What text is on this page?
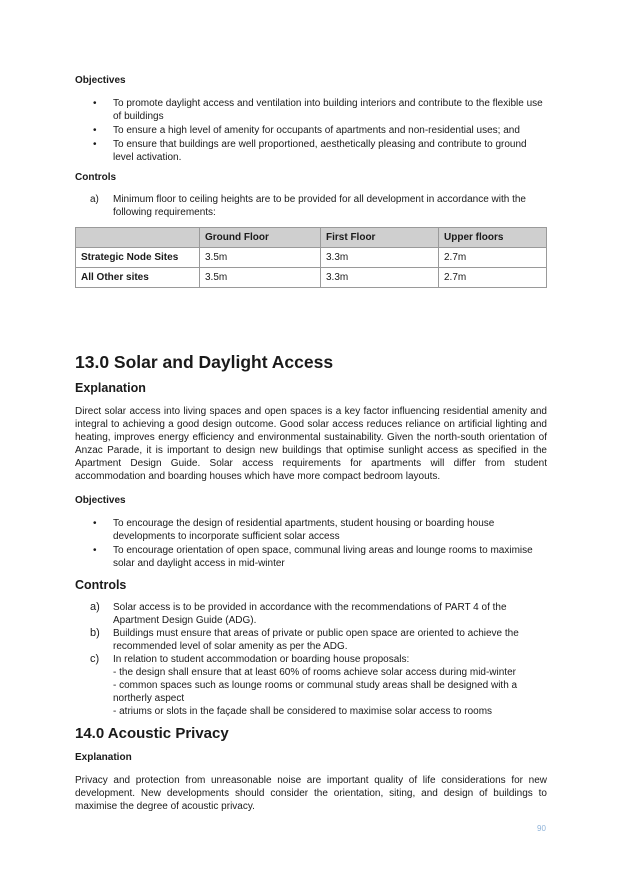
Objectives
• To promote daylight access and ventilation into building interiors and contribute to the flexible use of buildings
• To ensure a high level of amenity for occupants of apartments and non-residential uses; and
• To ensure that buildings are well proportioned, aesthetically pleasing and contribute to ground level activation.
Controls
a) Minimum floor to ceiling heights are to be provided for all development in accordance with the following requirements:
	Ground Floor	First Floor	Upper floors
Strategic Node Sites	3.5m	3.3m	2.7m
All Other sites	3.5m	3.3m	2.7m
13.0 Solar and Daylight Access
Explanation
Direct solar access into living spaces and open spaces is a key factor influencing residential amenity and integral to achieving a good design outcome. Good solar access reduces reliance on artificial lighting and heating, improves energy efficiency and environmental sustainability. Given the north-south orientation of Anzac Parade, it is important to design new buildings that optimise sunlight access as specified in the Apartment Design Guide. Solar access requirements for apartments will differ from student accommodation and boarding houses which have more compact bedroom layouts.
Objectives
• To encourage the design of residential apartments, student housing or boarding house developments to incorporate sufficient solar access
• To encourage orientation of open space, communal living areas and lounge rooms to maximise solar and daylight access in mid-winter
Controls
a) Solar access is to be provided in accordance with the recommendations of PART 4 of the Apartment Design Guide (ADG).
b) Buildings must ensure that areas of private or public open space are oriented to achieve the recommended level of solar amenity as per the ADG.
c) In relation to student accommodation or boarding house proposals:
- the design shall ensure that at least 60% of rooms achieve solar access during mid-winter
- common spaces such as lounge rooms or communal study areas shall be designed with a northerly aspect
- atriums or slots in the façade shall be considered to maximise solar access to rooms
14.0 Acoustic Privacy
Explanation
Privacy and protection from unreasonable noise are important quality of life considerations for new development. New developments should consider the orientation, siting, and design of buildings to maximise the degree of acoustic privacy.
90
